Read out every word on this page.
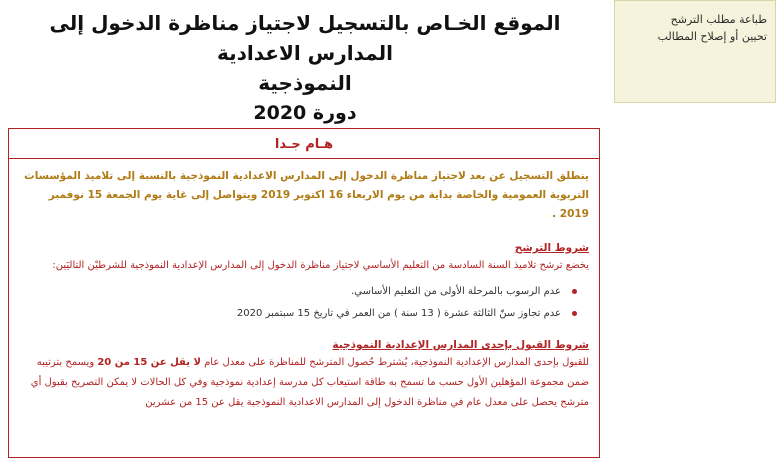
طباعة مطلب الترشح
تحيين أو إصلاح المطالب
الموقع الخـاص بالتسجيل لاجتياز مناظرة الدخول إلى المدارس الاعدادية
النموذجية
دورة 2020
هـام جـدا

ينطلق التسجيل عن بعد لاجتياز مناظرة الدخول إلى المدارس الاعدادية النموذجية بالنسبة إلى تلاميذ المؤسسات التربوية العمومية والخاصة بداية من يوم الاربعاء 16 اكتوبر 2019 ويتواصل إلى غاية يوم الجمعة 15 نوفمبر 2019 .

شروط الترشح

يخضع ترشح تلاميذ السنة السادسة من التعليم الأساسي لاجتياز مناظرة الدخول إلى المدارس الإعدادية النموذجية للشرطيْن التاليَين:

عدم الرسوب بالمرحلة الأولى من التعليم الأساسي.
عدم تجاوز سنّ الثالثة عشرة ( 13 سنة ) من العمر في تاريخ 15 سبتمبر 2020
شروط القبول بإحدى المدارس الإعدادية النموذجية

للقبول بإحدى المدارس الإعدادية النموذجية، يُشترط حُصول المترشح للمناظرة على معدل عام لا يقل عن 15 من 20 ويسمح بترتيبه ضمن مجموعة المؤهلين الأول حسب ما تسمح به طاقة استيعاب كل مدرسة إعدادية نموذجية وفي كل الحالات لا يمكن التصريح بقبول أي مترشح يحصل على معدل عام في مناظرة الدخول إلى المدارس الاعدادية النموذجية يقل عن 15 من عشرين
